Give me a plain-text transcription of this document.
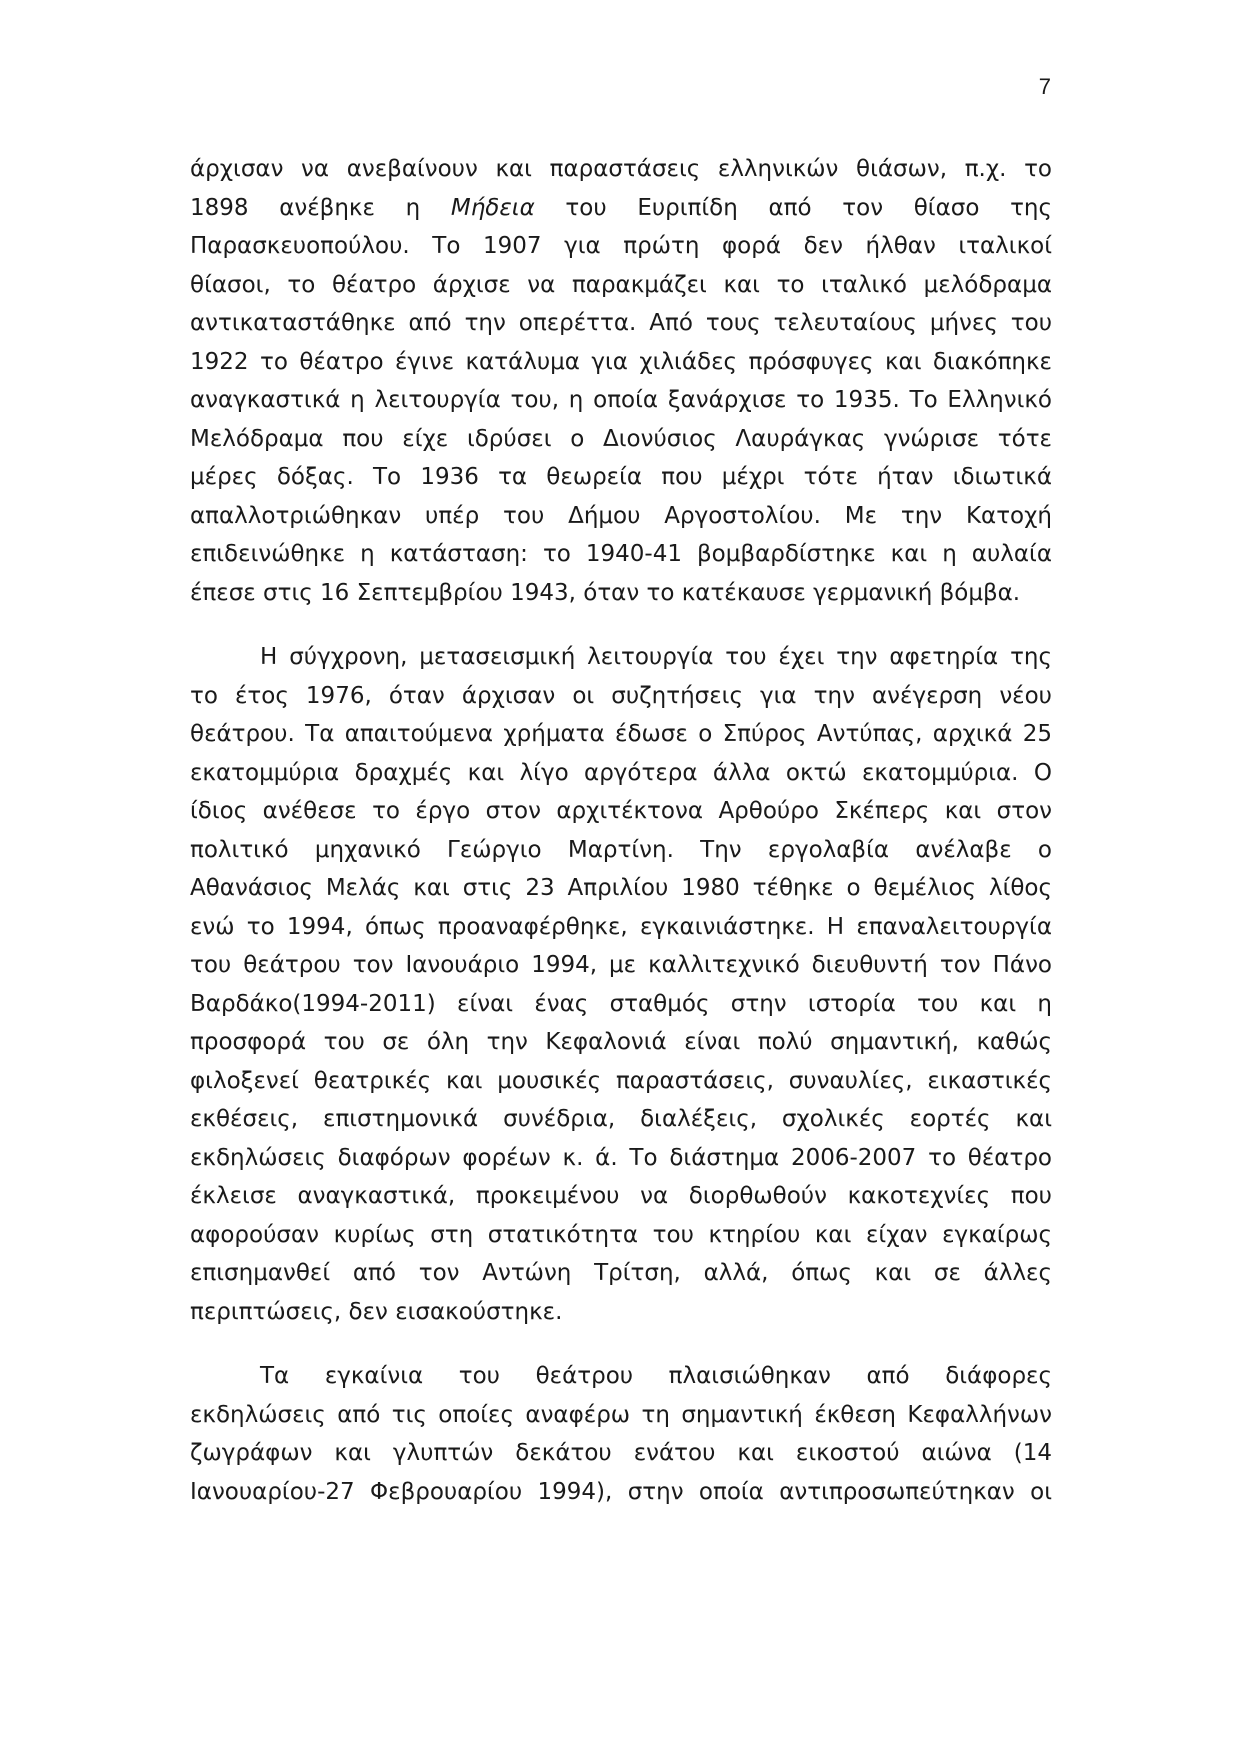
7
άρχισαν να ανεβαίνουν και παραστάσεις ελληνικών θιάσων, π.χ. το
1898 ανέβηκε η Μήδεια του Ευριπίδη από τον θίασο της
Παρασκευοπούλου. Το 1907 για πρώτη φορά δεν ήλθαν ιταλικοί
θίασοι, το θέατρο άρχισε να παρακμάζει και το ιταλικό μελόδραμα
αντικαταστάθηκε από την οπερέττα. Από τους τελευταίους μήνες του
1922 το θέατρο έγινε κατάλυμα για χιλιάδες πρόσφυγες και διακόπηκε
αναγκαστικά η λειτουργία του, η οποία ξανάρχισε το 1935. Το Ελληνικό
Μελόδραμα που είχε ιδρύσει ο Διονύσιος Λαυράγκας γνώρισε τότε
μέρες δόξας. Το 1936 τα θεωρεία που μέχρι τότε ήταν ιδιωτικά
απαλλοτριώθηκαν υπέρ του Δήμου Αργοστολίου. Με την Κατοχή
επιδεινώθηκε η κατάσταση: το 1940-41 βομβαρδίστηκε και η αυλαία
έπεσε στις 16 Σεπτεμβρίου 1943, όταν το κατέκαυσε γερμανική βόμβα.
Η σύγχρονη, μετασεισμική λειτουργία του έχει την αφετηρία της
το έτος 1976, όταν άρχισαν οι συζητήσεις για την ανέγερση νέου
θεάτρου. Τα απαιτούμενα χρήματα έδωσε ο Σπύρος Αντύπας, αρχικά 25
εκατομμύρια δραχμές και λίγο αργότερα άλλα οκτώ εκατομμύρια. Ο
ίδιος ανέθεσε το έργο στον αρχιτέκτονα Αρθούρο Σκέπερς και στον
πολιτικό μηχανικό Γεώργιο Μαρτίνη. Την εργολαβία ανέλαβε ο
Αθανάσιος Μελάς και στις 23 Απριλίου 1980 τέθηκε ο θεμέλιος λίθος
ενώ το 1994, όπως προαναφέρθηκε, εγκαινιάστηκε. Η επαναλειτουργία
του θεάτρου τον Ιανουάριο 1994, με καλλιτεχνικό διευθυντή τον Πάνο
Βαρδάκο(1994-2011) είναι ένας σταθμός στην ιστορία του και η
προσφορά του σε όλη την Κεφαλονιά είναι πολύ σημαντική, καθώς
φιλοξενεί θεατρικές και μουσικές παραστάσεις, συναυλίες, εικαστικές
εκθέσεις, επιστημονικά συνέδρια, διαλέξεις, σχολικές εορτές και
εκδηλώσεις διαφόρων φορέων κ. ά. Το διάστημα 2006-2007 το θέατρο
έκλεισε αναγκαστικά, προκειμένου να διορθωθούν κακοτεχνίες που
αφορούσαν κυρίως στη στατικότητα του κτηρίου και είχαν εγκαίρως
επισημανθεί από τον Αντώνη Τρίτση, αλλά, όπως και σε άλλες
περιπτώσεις, δεν εισακούστηκε.
Τα εγκαίνια του θεάτρου πλαισιώθηκαν από διάφορες
εκδηλώσεις από τις οποίες αναφέρω τη σημαντική έκθεση Κεφαλλήνων
ζωγράφων και γλυπτών δεκάτου ενάτου και εικοστού αιώνα (14
Ιανουαρίου-27 Φεβρουαρίου 1994), στην οποία αντιπροσωπεύτηκαν οι
